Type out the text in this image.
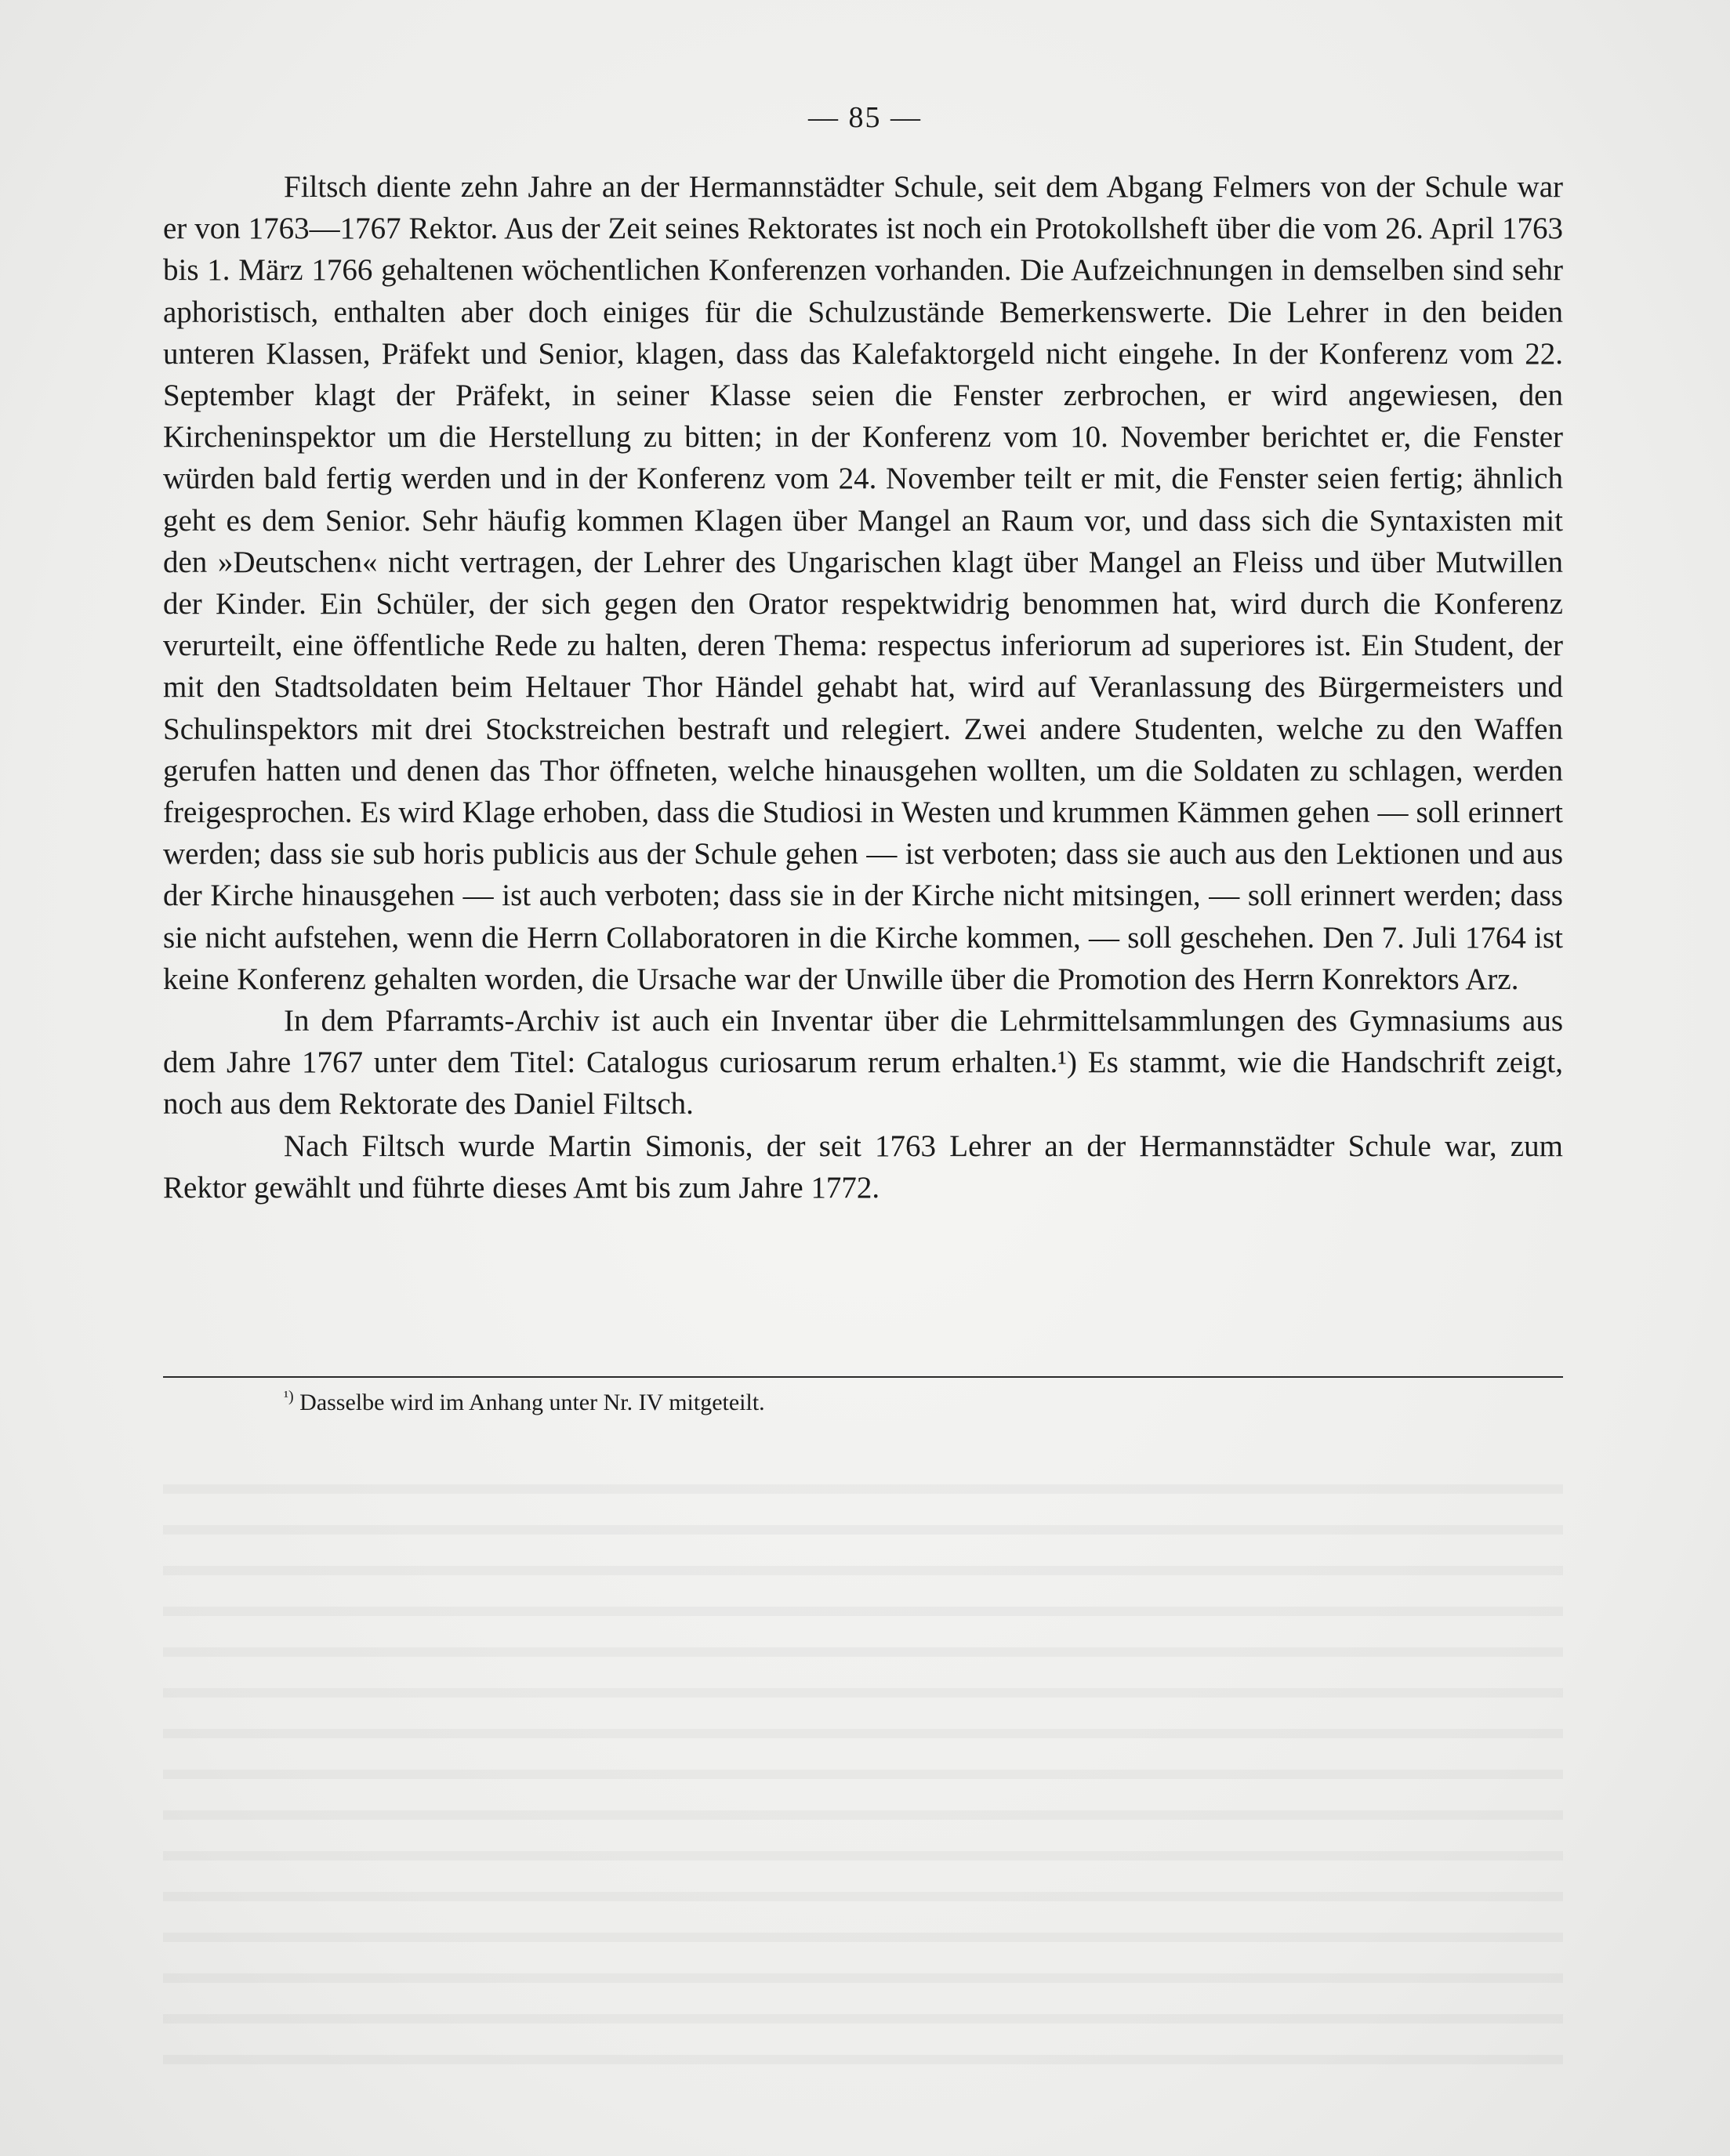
— 85 —

Filtsch diente zehn Jahre an der Hermannstädter Schule, seit dem Abgang Felmers von der Schule war er von 1763—1767 Rektor. Aus der Zeit seines Rektorates ist noch ein Protokollsheft über die vom 26. April 1763 bis 1. März 1766 gehaltenen wöchentlichen Konferenzen vorhanden. Die Aufzeichnungen in demselben sind sehr aphoristisch, enthalten aber doch einiges für die Schulzustände Bemerkenswerte. Die Lehrer in den beiden unteren Klassen, Präfekt und Senior, klagen, dass das Kalefaktorgeld nicht eingehe. In der Konferenz vom 22. September klagt der Präfekt, in seiner Klasse seien die Fenster zerbrochen, er wird angewiesen, den Kircheninspektor um die Herstellung zu bitten; in der Konferenz vom 10. November berichtet er, die Fenster würden bald fertig werden und in der Konferenz vom 24. November teilt er mit, die Fenster seien fertig; ähnlich geht es dem Senior. Sehr häufig kommen Klagen über Mangel an Raum vor, und dass sich die Syntaxisten mit den »Deutschen« nicht vertragen, der Lehrer des Ungarischen klagt über Mangel an Fleiss und über Mutwillen der Kinder. Ein Schüler, der sich gegen den Orator respektwidrig benommen hat, wird durch die Konferenz verurteilt, eine öffentliche Rede zu halten, deren Thema: respectus inferiorum ad superiores ist. Ein Student, der mit den Stadtsoldaten beim Heltauer Thor Händel gehabt hat, wird auf Veranlassung des Bürgermeisters und Schulinspektors mit drei Stockstreichen bestraft und relegiert. Zwei andere Studenten, welche zu den Waffen gerufen hatten und denen das Thor öffneten, welche hinausgehen wollten, um die Soldaten zu schlagen, werden freigesprochen. Es wird Klage erhoben, dass die Studiosi in Westen und krummen Kämmen gehen — soll erinnert werden; dass sie sub horis publicis aus der Schule gehen — ist verboten; dass sie auch aus den Lektionen und aus der Kirche hinausgehen — ist auch verboten; dass sie in der Kirche nicht mitsingen, — soll erinnert werden; dass sie nicht aufstehen, wenn die Herrn Collaboratoren in die Kirche kommen, — soll geschehen. Den 7. Juli 1764 ist keine Konferenz gehalten worden, die Ursache war der Unwille über die Promotion des Herrn Konrektors Arz.

In dem Pfarramts-Archiv ist auch ein Inventar über die Lehrmittelsammlungen des Gymnasiums aus dem Jahre 1767 unter dem Titel: Catalogus curiosarum rerum erhalten.¹) Es stammt, wie die Handschrift zeigt, noch aus dem Rektorate des Daniel Filtsch.

Nach Filtsch wurde Martin Simonis, der seit 1763 Lehrer an der Hermannstädter Schule war, zum Rektor gewählt und führte dieses Amt bis zum Jahre 1772.

$^{^1)}$ Dasselbe wird im Anhang unter Nr. IV mitgeteilt.
